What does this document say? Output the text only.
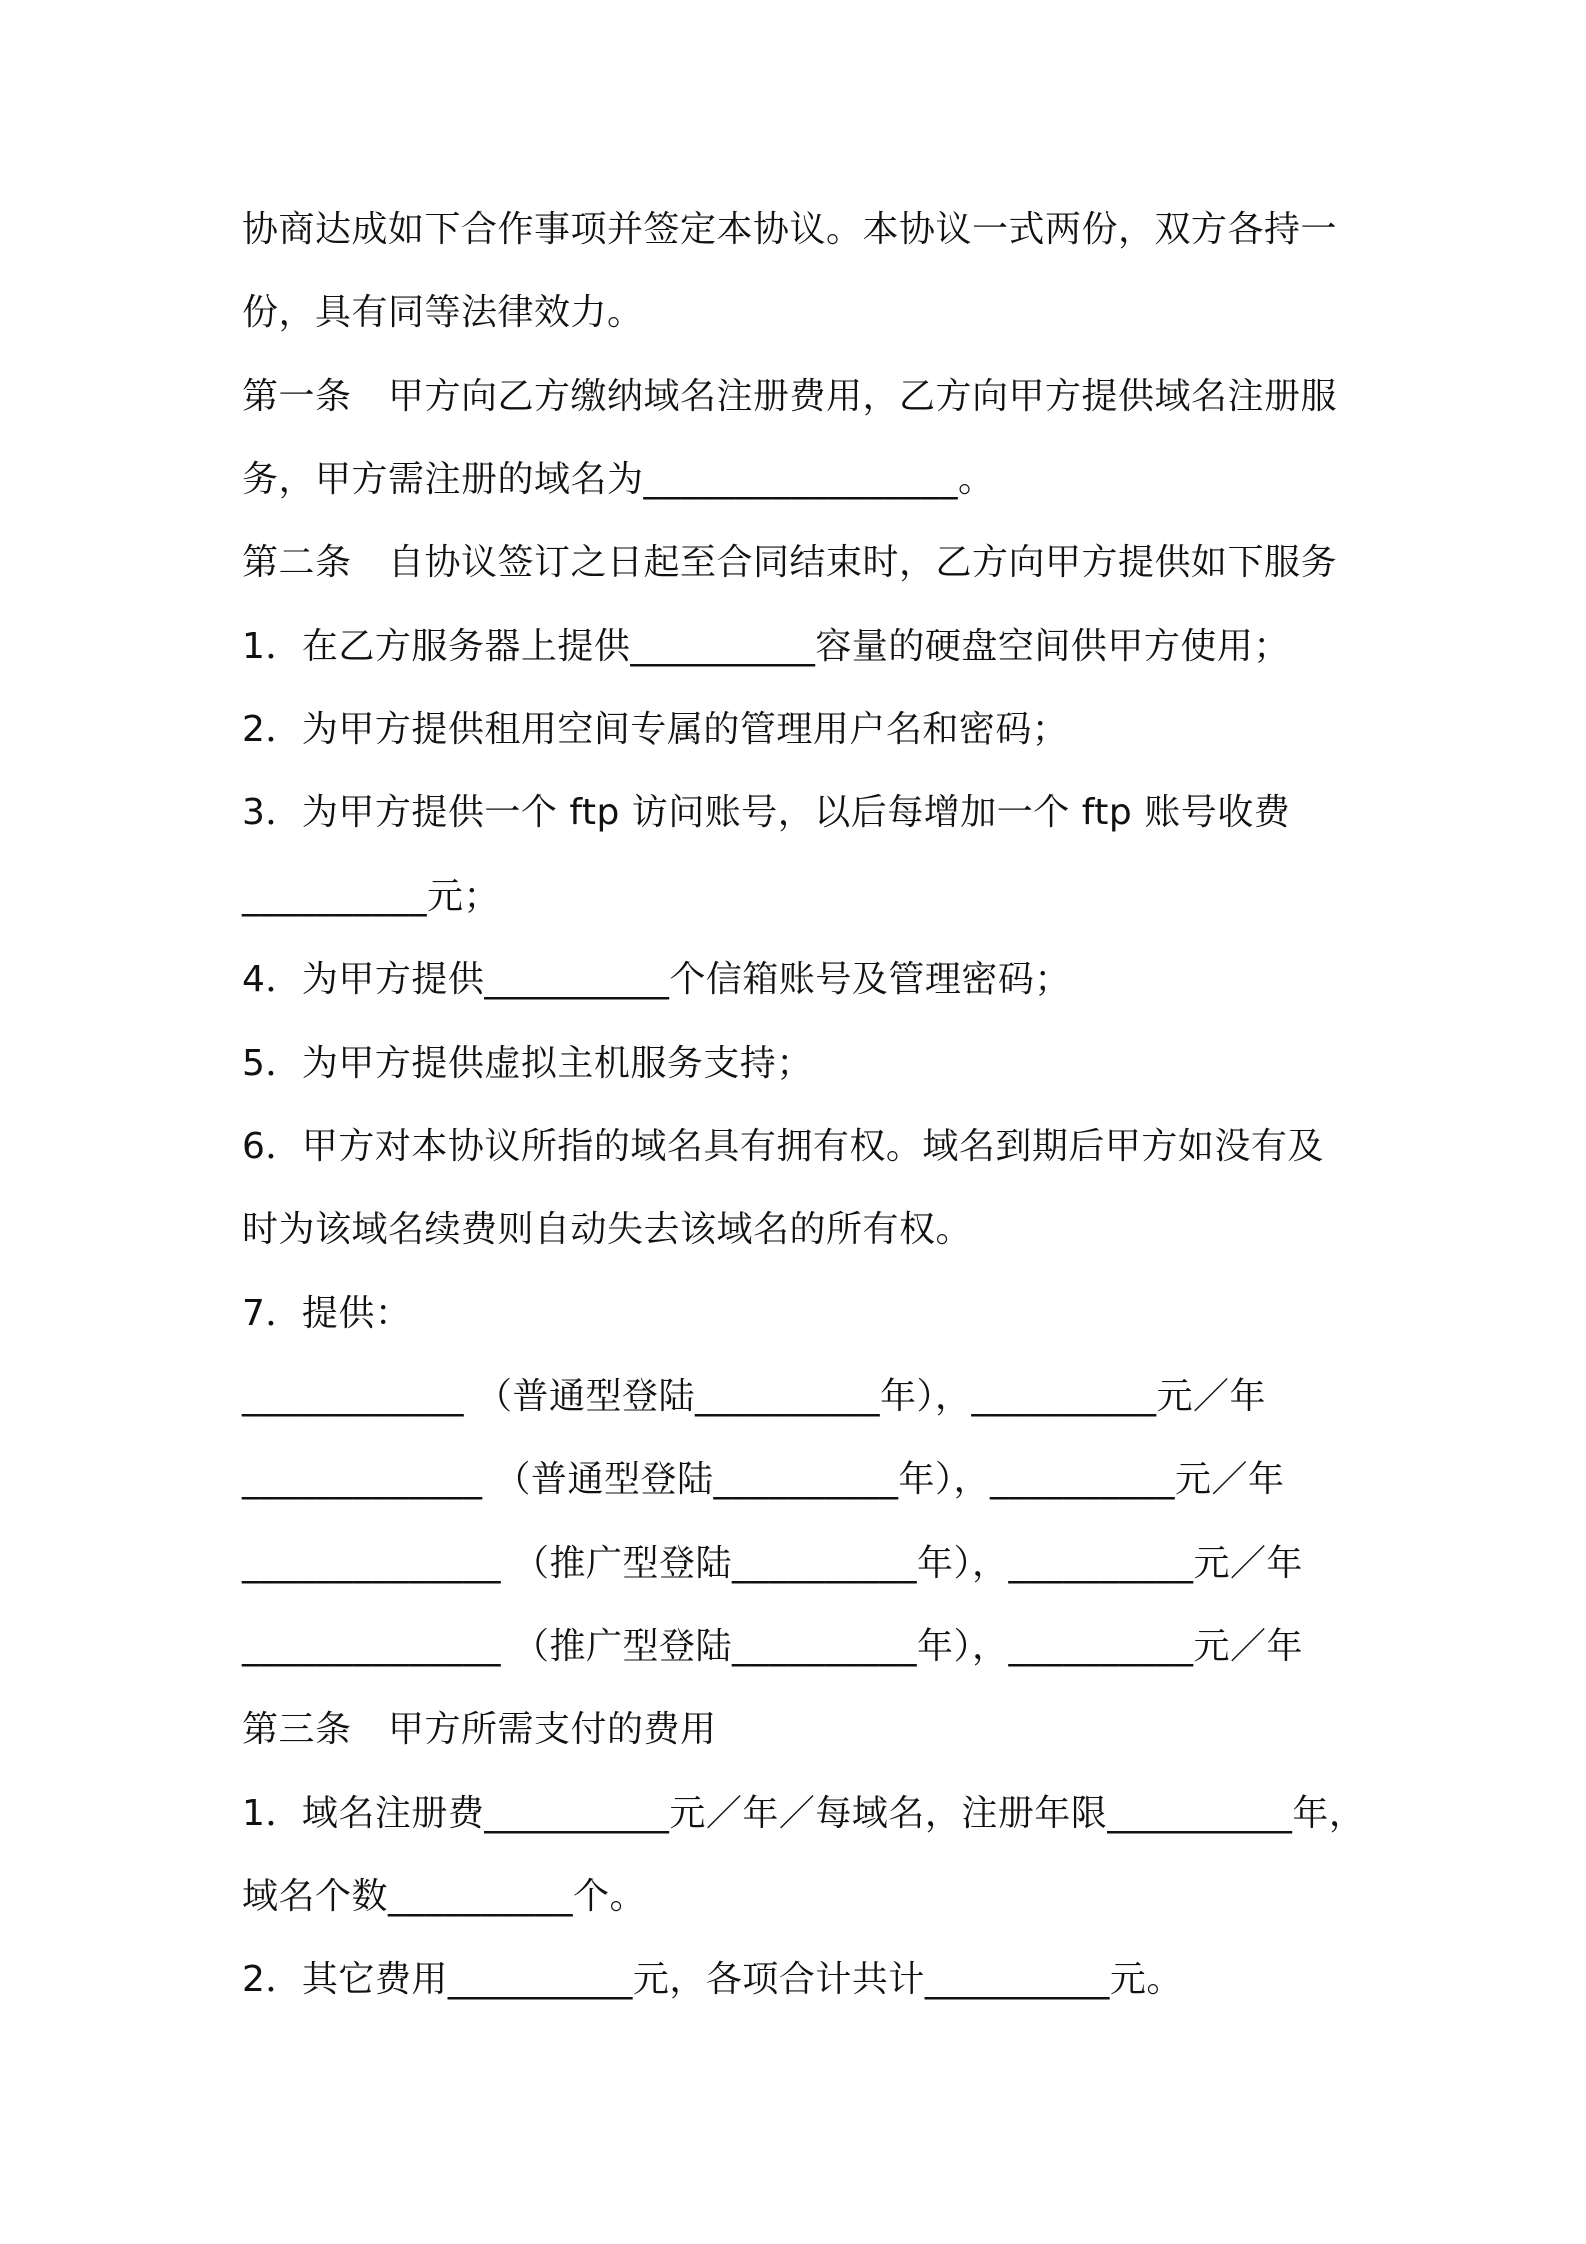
协商达成如下合作事项并签定本协议。本协议一式两份，双方各持一
份，具有同等法律效力。
第一条　甲方向乙方缴纳域名注册费用，乙方向甲方提供域名注册服
务，甲方需注册的域名为_________________。
第二条　自协议签订之日起至合同结束时，乙方向甲方提供如下服务
1．在乙方服务器上提供__________容量的硬盘空间供甲方使用；
2．为甲方提供租用空间专属的管理用户名和密码；
3．为甲方提供一个 ftp 访问账号，以后每增加一个 ftp 账号收费
__________元；
4．为甲方提供__________个信箱账号及管理密码；
5．为甲方提供虚拟主机服务支持；
6．甲方对本协议所指的域名具有拥有权。域名到期后甲方如没有及
时为该域名续费则自动失去该域名的所有权。
7．提供：
____________ （普通型登陆__________年），__________元／年
_____________ （普通型登陆__________年），__________元／年
______________ （推广型登陆__________年），__________元／年
______________ （推广型登陆__________年），__________元／年
第三条　甲方所需支付的费用
1．域名注册费__________元／年／每域名，注册年限__________年，
域名个数__________个。
2．其它费用__________元，各项合计共计__________元。
